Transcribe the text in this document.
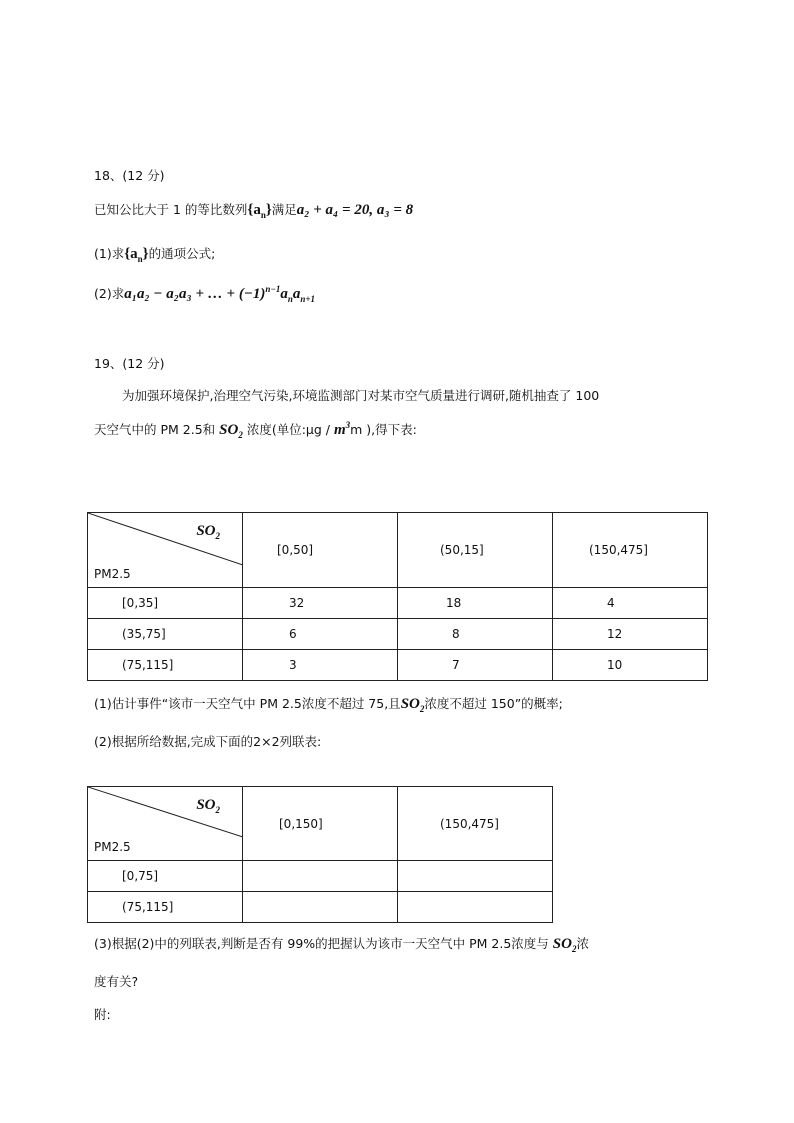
18、(12 分)
已知公比大于 1 的等比数列$\{a_n\}$满足a₂ + a₄ = 20, a₃ = 8
(1)求$\{a_n\}$的通项公式;
(2)求a₁a₂ − a₂a₃ + … + $(-1)^{n-1}a_na_{n+1}$
19、(12 分)
为加强环境保护,治理空气污染,环境监测部门对某市空气质量进行调研,随机抽查了 100
天空气中的 PM 2.5和 $SO_2$ 浓度(单位:μg / $m^3m$ ),得下表:
$SO_2$
PM2.5	[0,50]	(50,15]	(150,475]
[0,35]	32	18	4
(35,75]	6	8	12
(75,115]	3	7	10
(1)估计事件“该市一天空气中 PM 2.5浓度不超过 75,且$SO_2$浓度不超过 150”的概率;
(2)根据所给数据,完成下面的2×2列联表:
$SO_2$
PM2.5	[0,150]	(150,475]
[0,75]		
(75,115]		
(3)根据(2)中的列联表,判断是否有 99%的把握认为该市一天空气中 PM 2.5浓度与 $SO_2$浓
度有关?
附:
